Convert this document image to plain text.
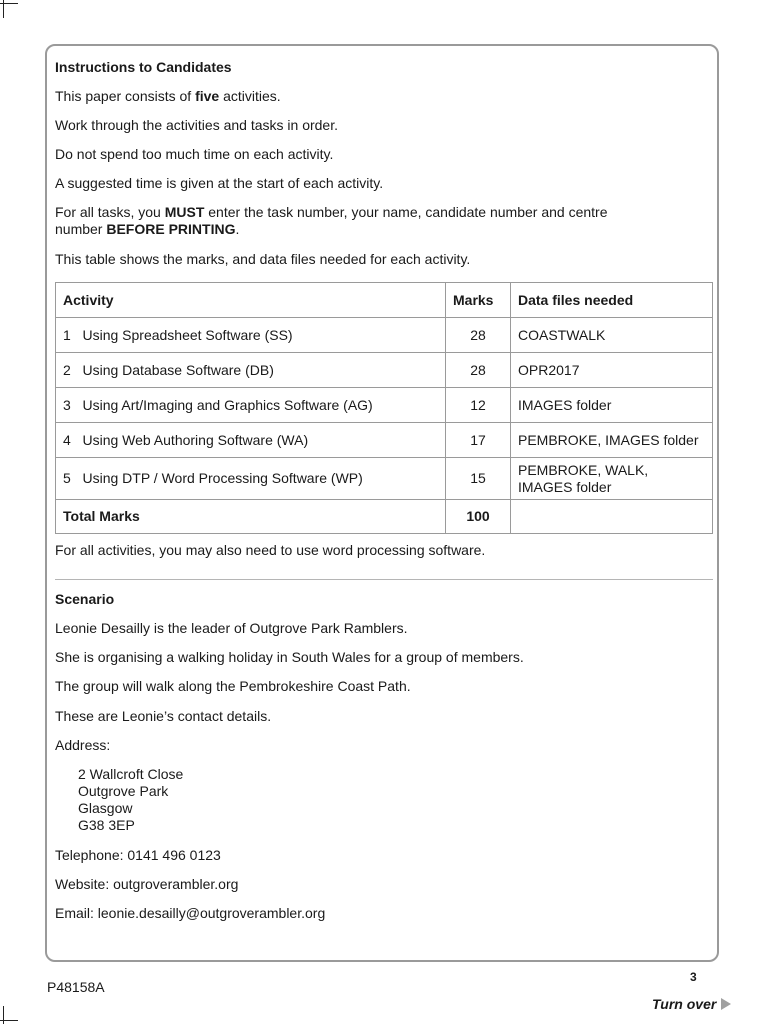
Instructions to Candidates
This paper consists of five activities.
Work through the activities and tasks in order.
Do not spend too much time on each activity.
A suggested time is given at the start of each activity.
For all tasks, you MUST enter the task number, your name, candidate number and centre
number BEFORE PRINTING.
This table shows the marks, and data files needed for each activity.
Activity	Marks	Data files needed
1 Using Spreadsheet Software (SS)	28	COASTWALK
2 Using Database Software (DB)	28	OPR2017
3 Using Art/Imaging and Graphics Software (AG)	12	IMAGES folder
4 Using Web Authoring Software (WA)	17	PEMBROKE, IMAGES folder
5 Using DTP / Word Processing Software (WP)	15	PEMBROKE, WALK,
IMAGES folder
Total Marks	100	
For all activities, you may also need to use word processing software.
Scenario
Leonie Desailly is the leader of Outgrove Park Ramblers.
She is organising a walking holiday in South Wales for a group of members.
The group will walk along the Pembrokeshire Coast Path.
These are Leonie’s contact details.
Address:
2 Wallcroft Close
Outgrove Park
Glasgow
G38 3EP
Telephone: 0141 496 0123
Website: outgroverambler.org
Email: leonie.desailly@outgroverambler.org
P48158A
3
Turn over
